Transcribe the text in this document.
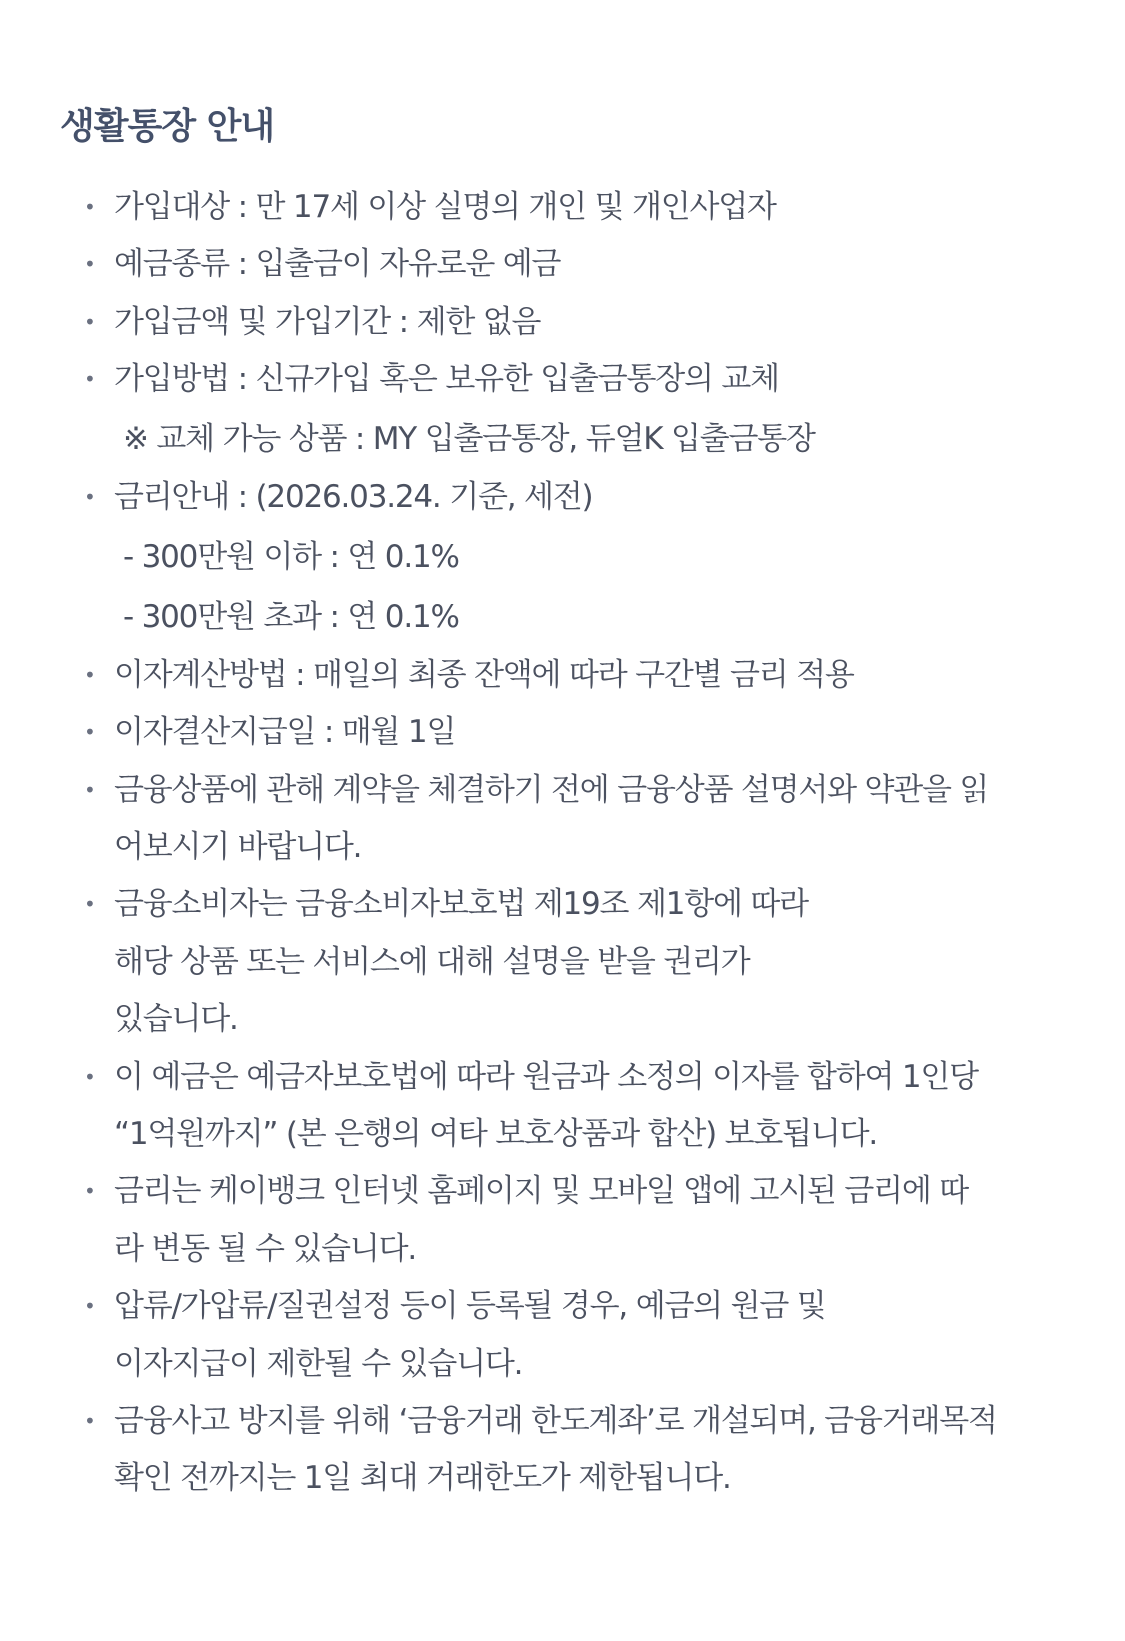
생활통장 안내
• 가입대상 : 만 17세 이상 실명의 개인 및 개인사업자
• 예금종류 : 입출금이 자유로운 예금
• 가입금액 및 가입기간 : 제한 없음
• 가입방법 : 신규가입 혹은 보유한 입출금통장의 교체
※ 교체 가능 상품 : MY 입출금통장, 듀얼K 입출금통장
• 금리안내 : (2026.03.24. 기준, 세전)
- 300만원 이하 : 연 0.1%
- 300만원 초과 : 연 0.1%
• 이자계산방법 : 매일의 최종 잔액에 따라 구간별 금리 적용
• 이자결산지급일 : 매월 1일
• 금융상품에 관해 계약을 체결하기 전에 금융상품 설명서와 약관을 읽
어보시기 바랍니다.
• 금융소비자는 금융소비자보호법 제19조 제1항에 따라
해당 상품 또는 서비스에 대해 설명을 받을 권리가
있습니다.
• 이 예금은 예금자보호법에 따라 원금과 소정의 이자를 합하여 1인당
“1억원까지” (본 은행의 여타 보호상품과 합산) 보호됩니다.
• 금리는 케이뱅크 인터넷 홈페이지 및 모바일 앱에 고시된 금리에 따
라 변동 될 수 있습니다.
• 압류/가압류/질권설정 등이 등록될 경우, 예금의 원금 및
이자지급이 제한될 수 있습니다.
• 금융사고 방지를 위해 ‘금융거래 한도계좌’로 개설되며, 금융거래목적
확인 전까지는 1일 최대 거래한도가 제한됩니다.
